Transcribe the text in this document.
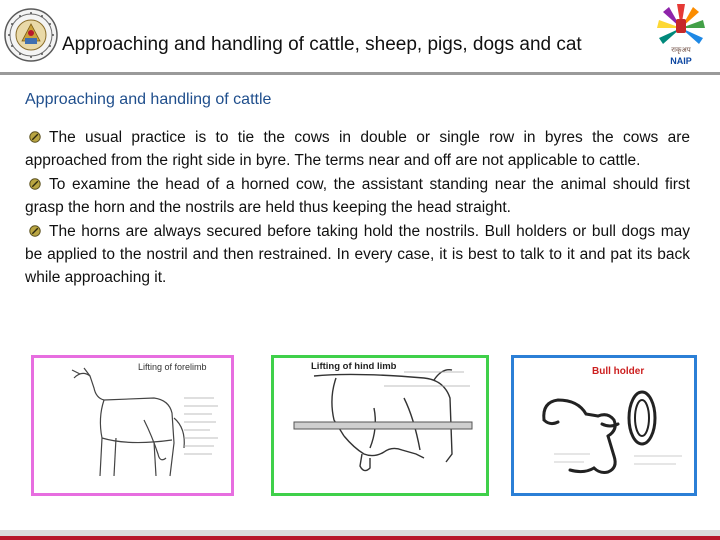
Approaching and handling of cattle, sheep, pigs, dogs and cat	राकृअप
NAIP
Approaching and handling of cattle

The usual practice is to tie the cows in double or single row in byres the cows are approached from the right side in byre. The terms near and off are not applicable to cattle.

To examine the head of a horned cow, the assistant standing near the animal should first grasp the horn and the nostrils are held thus keeping the head straight.

The horns are always secured before taking hold the nostrils. Bull holders or bull dogs may be applied to the nostril and then restrained. In every case, it is best to talk to it and pat its back while approaching it.

Lifting of forelimb	Lifting of hind limb	Bull holder
